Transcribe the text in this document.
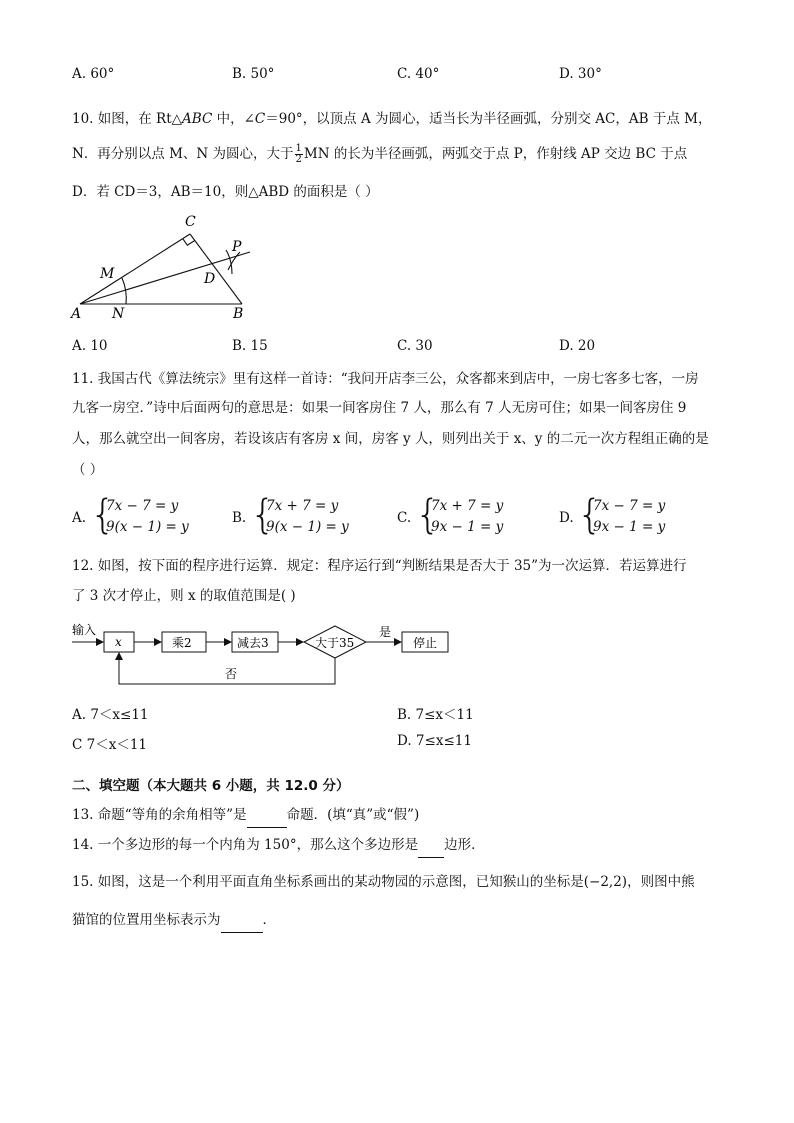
A. 60°	B. 50°	C. 40°	D. 30°
10. 如图，在 Rt△ABC 中，∠C＝90°，以顶点 A 为圆心，适当长为半径画弧，分别交 AC，AB 于点 M，
N．再分别以点 M、N 为圆心，大于 $\frac{1}{2}$ MN 的长为半径画弧，两弧交于点 P，作射线 AP 交边 BC 于点
D．若 CD＝3，AB＝10，则△ABD 的面积是（ ）
C
P
M	D
A N	B
A. 10	B. 15	C. 30	D. 20
11. 我国古代《算法统宗》里有这样一首诗：“我问开店李三公，众客都来到店中，一房七客多七客，一房
九客一房空．”诗中后面两句的意思是：如果一间客房住 7 人，那么有 7 人无房可住；如果一间客房住 9
人，那么就空出一间客房，若设该店有客房 x 间，房客 y 人，则列出关于 x、y 的二元一次方程组正确的是
（ ）
A. {
7x − 7 = y
9(x − 1) = y
B. {
7x + 7 = y
9(x − 1) = y
C. {
7x + 7 = y
9x − 1 = y
D. {
7x − 7 = y
9x − 1 = y
12. 如图，按下面的程序进行运算．规定：程序运行到“判断结果是否大于 35”为一次运算．若运算进行
了 3 次才停止，则 x 的取值范围是( )
输入
x	乘2	减去3	大于35
是
停止
否
A. 7＜x≤11	B. 7≤x＜11
C 7＜x＜11	D. 7≤x≤11
二、填空题（本大题共 6 小题，共 12.0 分）
13. 命题“等角的余角相等”是	命题．(填“真”或“假”)
14. 一个多边形的每一个内角为 150°，那么这个多边形是 边形．
15. 如图，这是一个利用平面直角坐标系画出的某动物园的示意图，已知猴山的坐标是(−2,2)，则图中熊
猫馆的位置用坐标表示为	．
